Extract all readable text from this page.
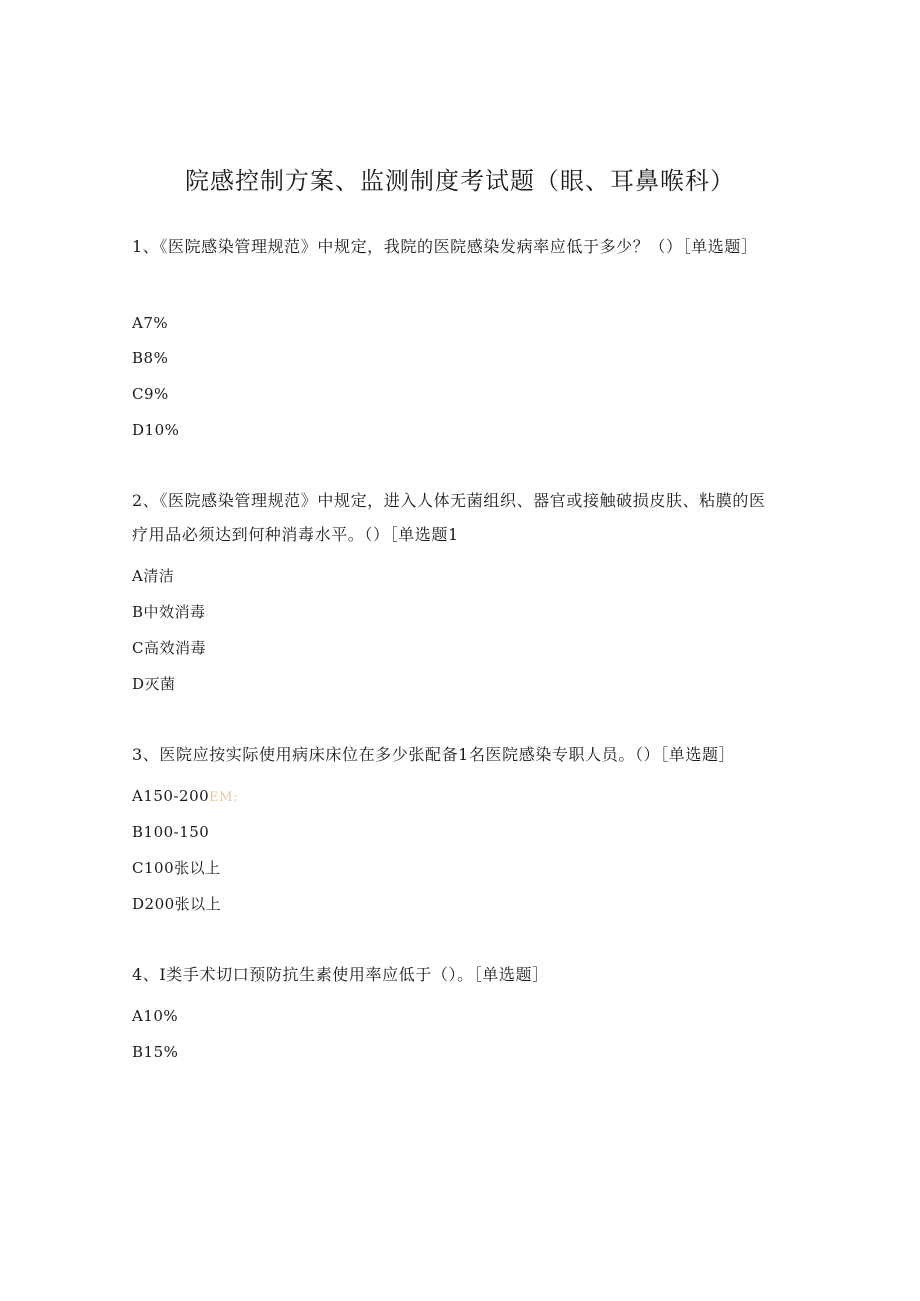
院感控制方案、监测制度考试题（眼、耳鼻喉科）
1、《医院感染管理规范》中规定，我院的医院感染发病率应低于多少？（）［单选题］
A7%
B8%
C9%
D10%
2、《医院感染管理规范》中规定，进入人体无菌组织、器官或接触破损皮肤、粘膜的医疗用品必须达到何种消毒水平。（）［单选题1
A清洁
B中效消毒
C高效消毒
D灭菌
3、医院应按实际使用病床床位在多少张配备1名医院感染专职人员。（）［单选题］
A150-200EM:
B100-150
C100张以上
D200张以上
4、I类手术切口预防抗生素使用率应低于（）。［单选题］
A10%
B15%
